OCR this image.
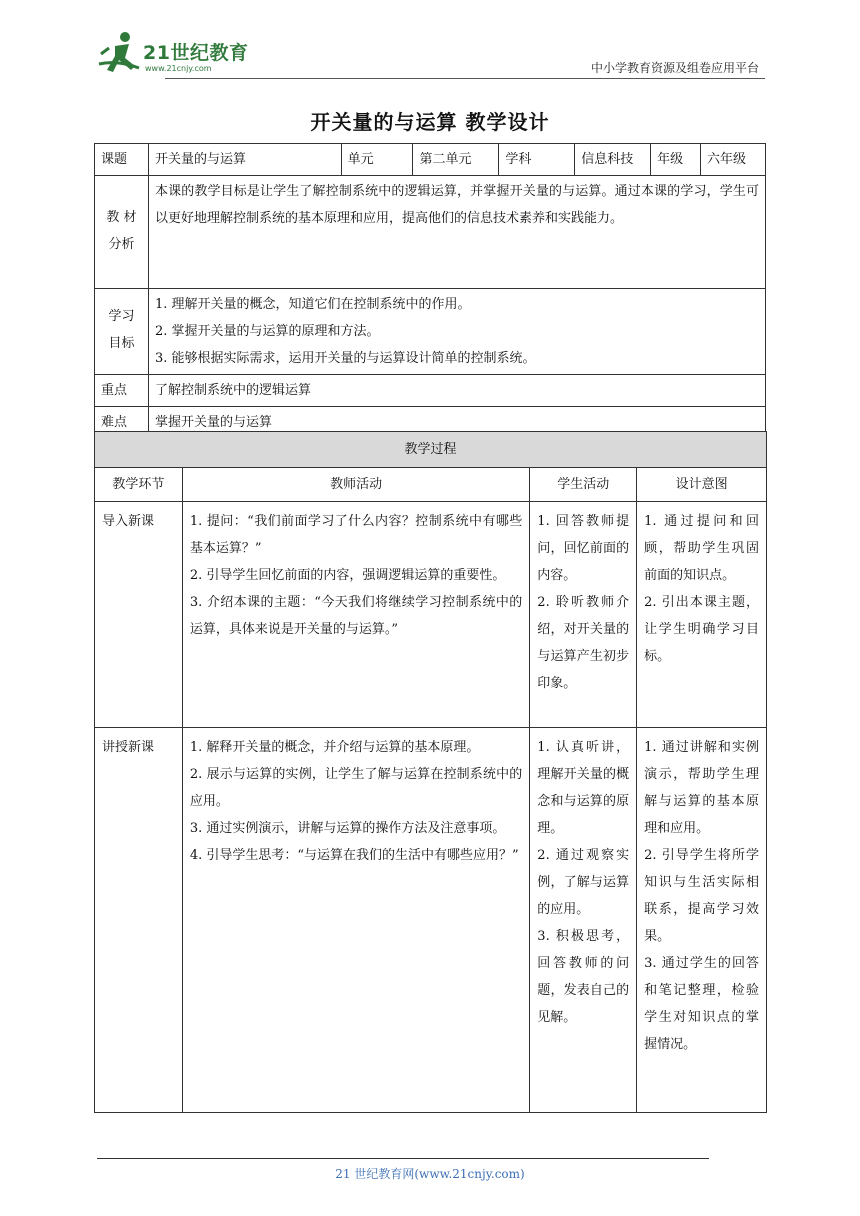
21世纪教育
www.21cnjy.com	中小学教育资源及组卷应用平台
开关量的与运算 教学设计
课题	开关量的与运算	单元	第二单元	学科	信息科技	年级	六年级

教 材
分析	本课的教学目标是让学生了解控制系统中的逻辑运算，并掌握开关量的与运算。通过本课的学习，学生可以更好地理解控制系统的基本原理和应用，提高他们的信息技术素养和实践能力。						

学习
目标	1. 理解开关量的概念，知道它们在控制系统中的作用。
2. 掌握开关量的与运算的原理和方法。
3. 能够根据实际需求，运用开关量的与运算设计简单的控制系统。						

重点	了解控制系统中的逻辑运算						
难点	掌握开关量的与运算						
教学过程			
教学环节	教师活动	学生活动	设计意图
导入新课	1. 提问：“我们前面学习了什么内容？控制系统中有哪些基本运算？”
2. 引导学生回忆前面的内容，强调逻辑运算的重要性。
3. 介绍本课的主题：“今天我们将继续学习控制系统中的运算，具体来说是开关量的与运算。”	1. 回答教师提问，回忆前面的内容。
2. 聆听教师介绍，对开关量的与运算产生初步印象。	1. 通过提问和回顾，帮助学生巩固前面的知识点。
2. 引出本课主题，让学生明确学习目标。

讲授新课	1. 解释开关量的概念，并介绍与运算的基本原理。
2. 展示与运算的实例，让学生了解与运算在控制系统中的应用。
3. 通过实例演示，讲解与运算的操作方法及注意事项。
4. 引导学生思考：“与运算在我们的生活中有哪些应用？”	1. 认真听讲，理解开关量的概念和与运算的原理。
2. 通过观察实例，了解与运算的应用。
3. 积极思考，回答教师的问题，发表自己的见解。	1. 通过讲解和实例演示，帮助学生理解与运算的基本原理和应用。
2. 引导学生将所学知识与生活实际相联系，提高学习效果。
3. 通过学生的回答和笔记整理，检验学生对知识点的掌握情况。
21 世纪教育网(www.21cnjy.com)
